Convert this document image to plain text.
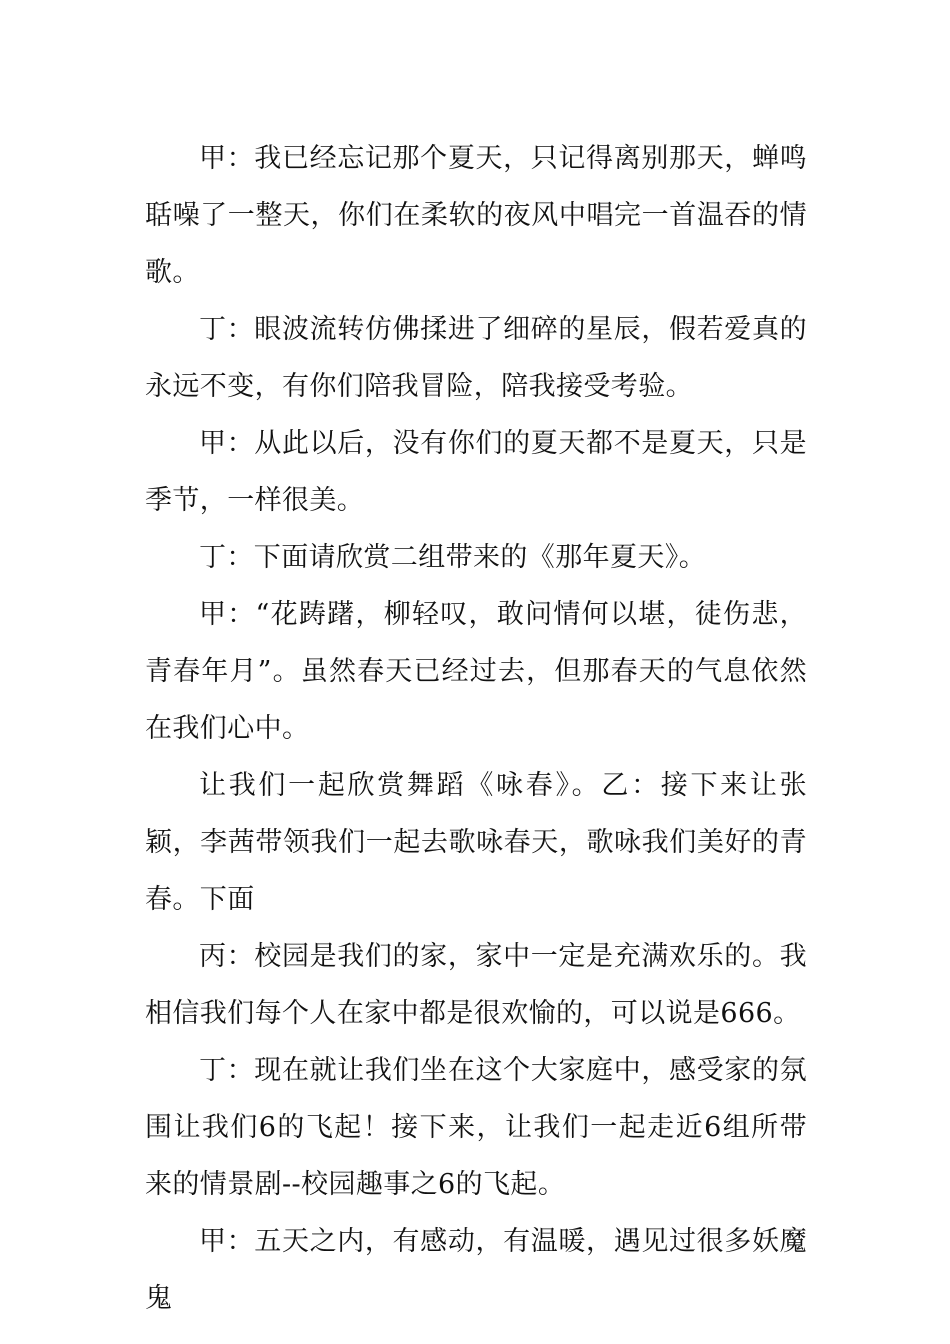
甲：我已经忘记那个夏天，只记得离别那天，蝉鸣聒噪了一整天，你们在柔软的夜风中唱完一首温吞的情歌。

丁：眼波流转仿佛揉进了细碎的星辰，假若爱真的永远不变，有你们陪我冒险，陪我接受考验。

甲：从此以后，没有你们的夏天都不是夏天，只是季节，一样很美。

丁：下面请欣赏二组带来的《那年夏天》。

甲：“花踌躇，柳轻叹，敢问情何以堪，徒伤悲，青春年月”。虽然春天已经过去，但那春天的气息依然在我们心中。

让我们一起欣赏舞蹈《咏春》。乙：接下来让张颖，李茜带领我们一起去歌咏春天，歌咏我们美好的青春。下面

丙：校园是我们的家，家中一定是充满欢乐的。我相信我们每个人在家中都是很欢愉的，可以说是666。

丁：现在就让我们坐在这个大家庭中，感受家的氛围让我们6的飞起！接下来，让我们一起走近6组所带来的情景剧--校园趣事之6的飞起。

甲：五天之内，有感动，有温暖，遇见过很多妖魔鬼
